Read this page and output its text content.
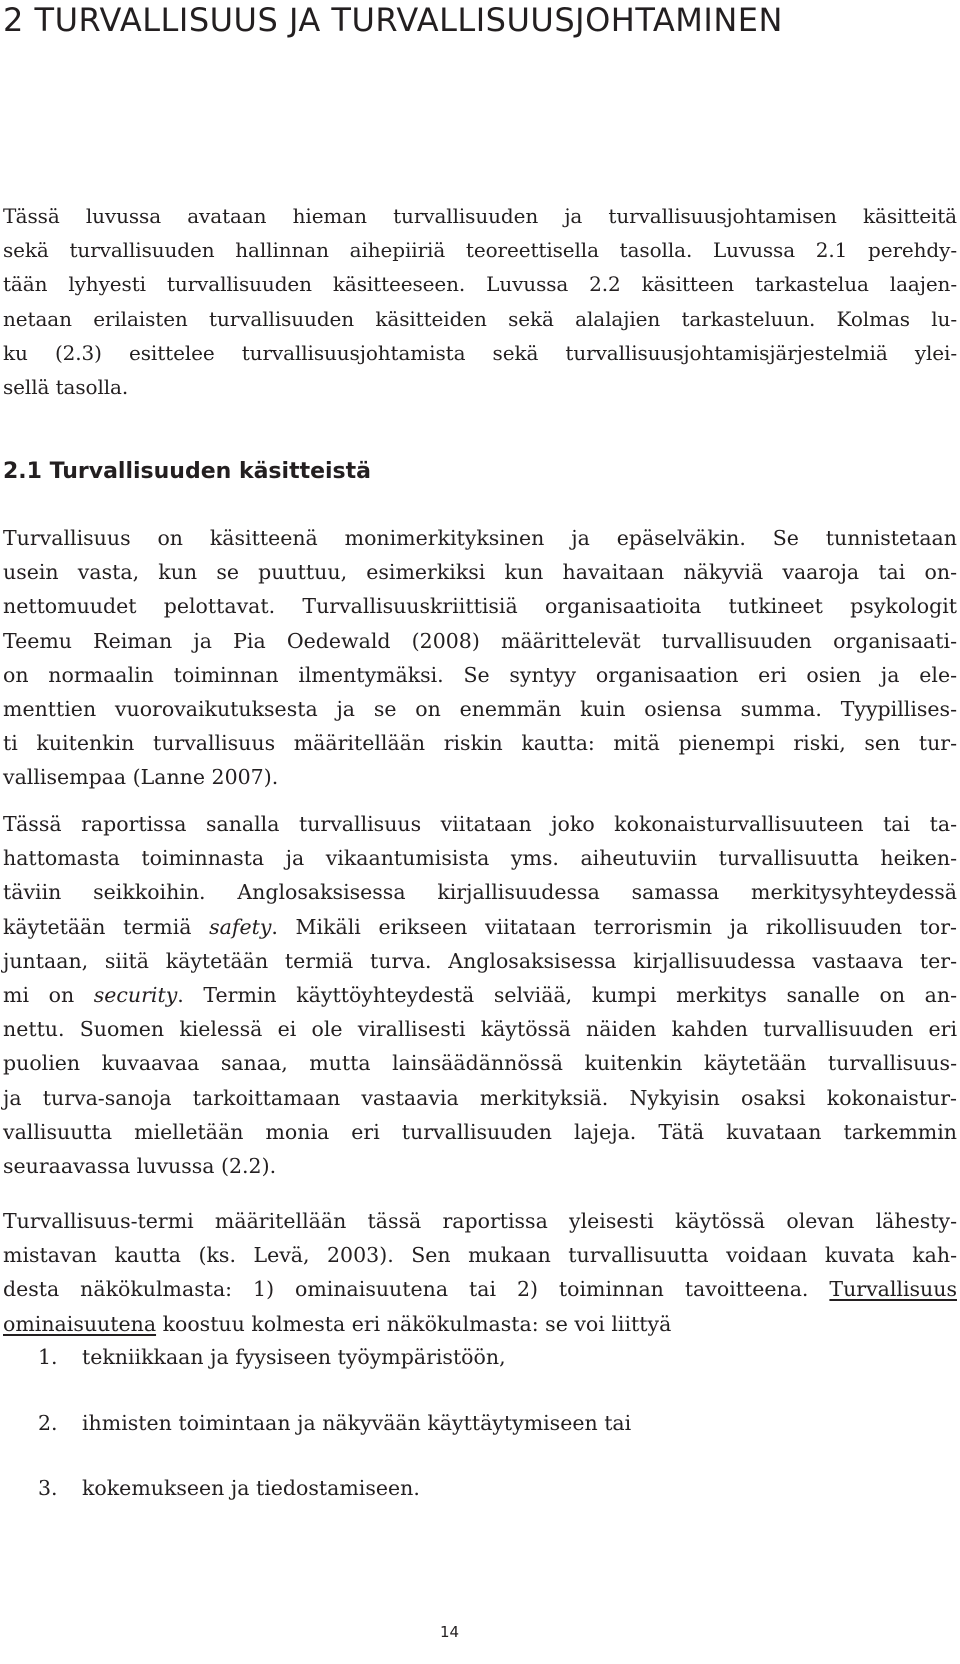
2 TURVALLISUUS JA TURVALLISUUSJOHTAMINEN

Tässä luvussa avataan hieman turvallisuuden ja turvallisuusjohtamisen käsitteitä
sekä turvallisuuden hallinnan aihepiiriä teoreettisella tasolla. Luvussa 2.1 perehdy-
tään lyhyesti turvallisuuden käsitteeseen. Luvussa 2.2 käsitteen tarkastelua laajen-
netaan erilaisten turvallisuuden käsitteiden sekä alalajien tarkasteluun. Kolmas lu-
ku (2.3) esittelee turvallisuusjohtamista sekä turvallisuusjohtamisjärjestelmiä ylei-
sellä tasolla.

2.1 Turvallisuuden käsitteistä

Turvallisuus on käsitteenä monimerkityksinen ja epäselväkin. Se tunnistetaan
usein vasta, kun se puuttuu, esimerkiksi kun havaitaan näkyviä vaaroja tai on-
nettomuudet pelottavat. Turvallisuuskriittisiä organisaatioita tutkineet psykologit
Teemu Reiman ja Pia Oedewald (2008) määrittelevät turvallisuuden organisaati-
on normaalin toiminnan ilmentymäksi. Se syntyy organisaation eri osien ja ele-
menttien vuorovaikutuksesta ja se on enemmän kuin osiensa summa. Tyypillises-
ti kuitenkin turvallisuus määritellään riskin kautta: mitä pienempi riski, sen tur-
vallisempaa (Lanne 2007).

Tässä raportissa sanalla turvallisuus viitataan joko kokonaisturvallisuuteen tai ta-
hattomasta toiminnasta ja vikaantumisista yms. aiheutuviin turvallisuutta heiken-
täviin seikkoihin. Anglosaksisessa kirjallisuudessa samassa merkitysyhteydessä
käytetään termiä safety. Mikäli erikseen viitataan terrorismin ja rikollisuuden tor-
juntaan, siitä käytetään termiä turva. Anglosaksisessa kirjallisuudessa vastaava ter-
mi on security. Termin käyttöyhteydestä selviää, kumpi merkitys sanalle on an-
nettu. Suomen kielessä ei ole virallisesti käytössä näiden kahden turvallisuuden eri
puolien kuvaavaa sanaa, mutta lainsäädännössä kuitenkin käytetään turvallisuus-
ja turva-sanoja tarkoittamaan vastaavia merkityksiä. Nykyisin osaksi kokonaistur-
vallisuutta mielletään monia eri turvallisuuden lajeja. Tätä kuvataan tarkemmin
seuraavassa luvussa (2.2).

Turvallisuus-termi määritellään tässä raportissa yleisesti käytössä olevan lähesty-
mistavan kautta (ks. Levä, 2003). Sen mukaan turvallisuutta voidaan kuvata kah-
desta näkökulmasta: 1) ominaisuutena tai 2) toiminnan tavoitteena. Turvallisuus
ominaisuutena koostuu kolmesta eri näkökulmasta: se voi liittyä

1. tekniikkaan ja fyysiseen työympäristöön,
2. ihmisten toimintaan ja näkyvään käyttäytymiseen tai
3. kokemukseen ja tiedostamiseen.
14
